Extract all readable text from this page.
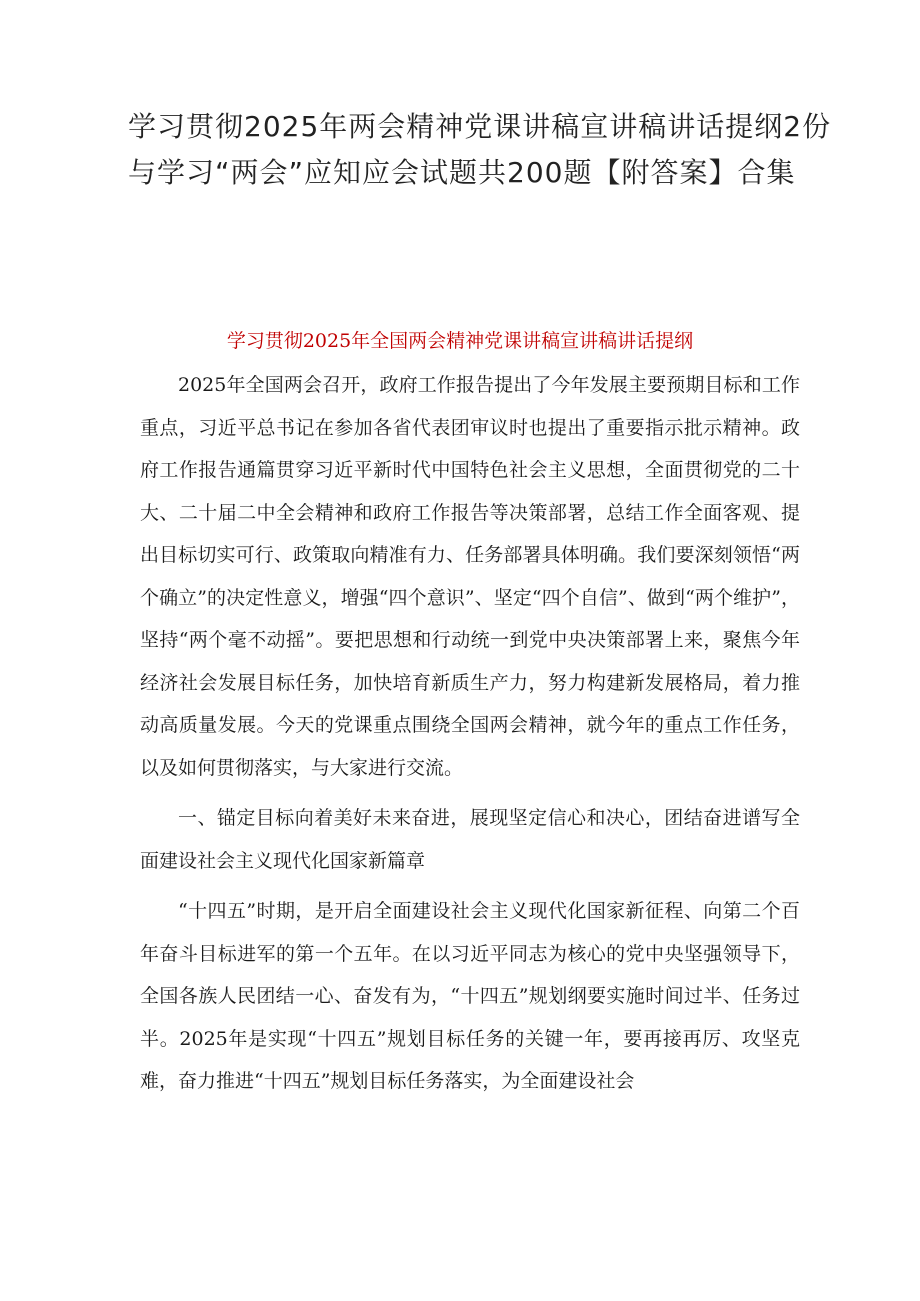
学习贯彻2025年两会精神党课讲稿宣讲稿讲话提纲2份
与学习“两会”应知应会试题共200题【附答案】合集
学习贯彻2025年全国两会精神党课讲稿宣讲稿讲话提纲

2025年全国两会召开，政府工作报告提出了今年发展主要预期目标和工作重点，习近平总书记在参加各省代表团审议时也提出了重要指示批示精神。政府工作报告通篇贯穿习近平新时代中国特色社会主义思想，全面贯彻党的二十大、二十届二中全会精神和政府工作报告等决策部署，总结工作全面客观、提出目标切实可行、政策取向精准有力、任务部署具体明确。我们要深刻领悟“两个确立”的决定性意义，增强“四个意识”、坚定“四个自信”、做到“两个维护”，坚持“两个毫不动摇”。要把思想和行动统一到党中央决策部署上来，聚焦今年经济社会发展目标任务，加快培育新质生产力，努力构建新发展格局，着力推动高质量发展。今天的党课重点围绕全国两会精神，就今年的重点工作任务，以及如何贯彻落实，与大家进行交流。

一、锚定目标向着美好未来奋进，展现坚定信心和决心，团结奋进谱写全面建设社会主义现代化国家新篇章

“十四五”时期，是开启全面建设社会主义现代化国家新征程、向第二个百年奋斗目标进军的第一个五年。在以习近平同志为核心的党中央坚强领导下，全国各族人民团结一心、奋发有为，“十四五”规划纲要实施时间过半、任务过半。2025年是实现“十四五”规划目标任务的关键一年，要再接再厉、攻坚克难，奋力推进“十四五”规划目标任务落实，为全面建设社会
